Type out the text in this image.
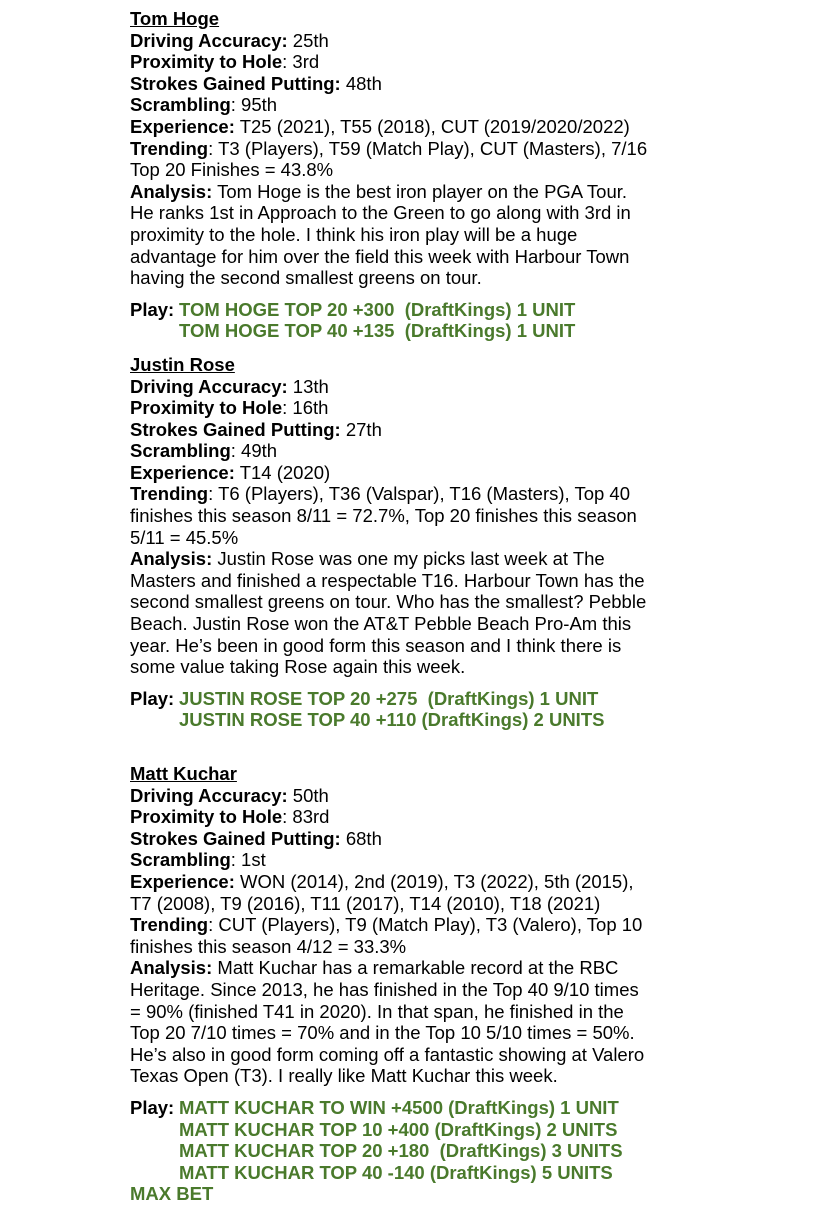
Tom Hoge
Driving Accuracy: 25th
Proximity to Hole: 3rd
Strokes Gained Putting: 48th
Scrambling: 95th
Experience: T25 (2021), T55 (2018), CUT (2019/2020/2022)
Trending: T3 (Players), T59 (Match Play), CUT (Masters), 7/16
Top 20 Finishes = 43.8%
Analysis: Tom Hoge is the best iron player on the PGA Tour.
He ranks 1st in Approach to the Green to go along with 3rd in
proximity to the hole. I think his iron play will be a huge
advantage for him over the field this week with Harbour Town
having the second smallest greens on tour.
Play: TOM HOGE TOP 20 +300  (DraftKings) 1 UNIT
TOM HOGE TOP 40 +135  (DraftKings) 1 UNIT
Justin Rose
Driving Accuracy: 13th
Proximity to Hole: 16th
Strokes Gained Putting: 27th
Scrambling: 49th
Experience: T14 (2020)
Trending: T6 (Players), T36 (Valspar), T16 (Masters), Top 40
finishes this season 8/11 = 72.7%, Top 20 finishes this season
5/11 = 45.5%
Analysis: Justin Rose was one my picks last week at The
Masters and finished a respectable T16. Harbour Town has the
second smallest greens on tour. Who has the smallest? Pebble
Beach. Justin Rose won the AT&T Pebble Beach Pro-Am this
year. He’s been in good form this season and I think there is
some value taking Rose again this week.
Play: JUSTIN ROSE TOP 20 +275  (DraftKings) 1 UNIT
JUSTIN ROSE TOP 40 +110 (DraftKings) 2 UNITS
Matt Kuchar
Driving Accuracy: 50th
Proximity to Hole: 83rd
Strokes Gained Putting: 68th
Scrambling: 1st
Experience: WON (2014), 2nd (2019), T3 (2022), 5th (2015),
T7 (2008), T9 (2016), T11 (2017), T14 (2010), T18 (2021)
Trending: CUT (Players), T9 (Match Play), T3 (Valero), Top 10
finishes this season 4/12 = 33.3%
Analysis: Matt Kuchar has a remarkable record at the RBC
Heritage. Since 2013, he has finished in the Top 40 9/10 times
= 90% (finished T41 in 2020). In that span, he finished in the
Top 20 7/10 times = 70% and in the Top 10 5/10 times = 50%.
He’s also in good form coming off a fantastic showing at Valero
Texas Open (T3). I really like Matt Kuchar this week.
Play: MATT KUCHAR TO WIN +4500 (DraftKings) 1 UNIT
MATT KUCHAR TOP 10 +400 (DraftKings) 2 UNITS
MATT KUCHAR TOP 20 +180  (DraftKings) 3 UNITS
MATT KUCHAR TOP 40 -140 (DraftKings) 5 UNITS
MAX BET
